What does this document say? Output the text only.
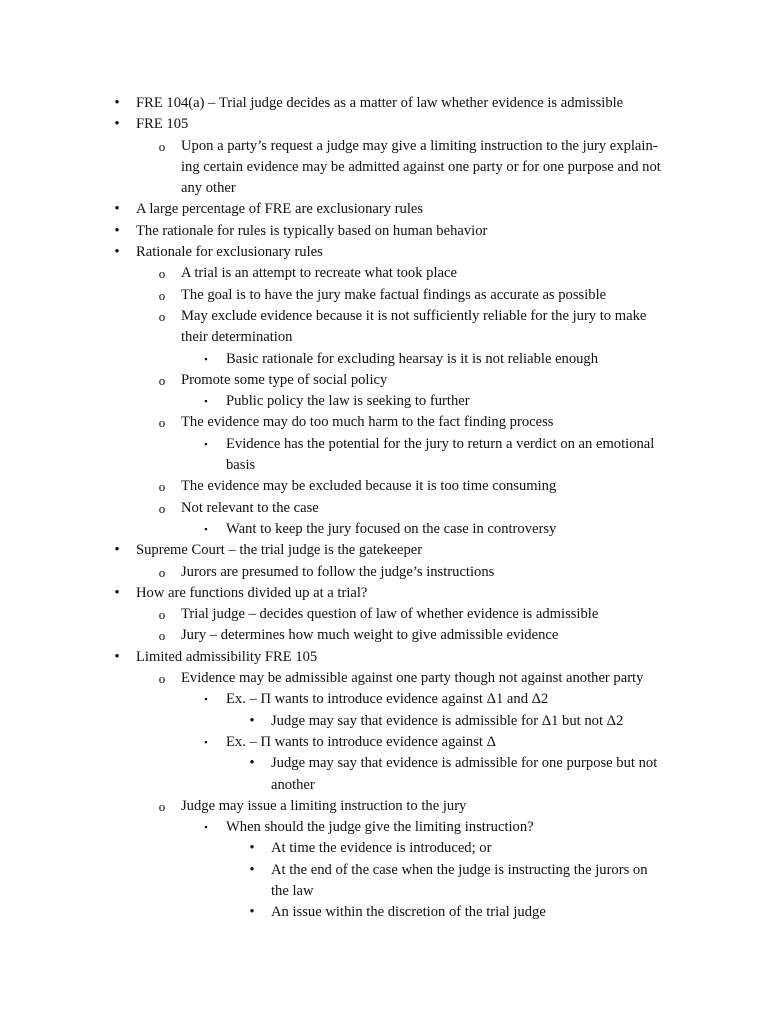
• FRE 104(a) – Trial judge decides as a matter of law whether evidence is admissible
• FRE 105
o Upon a party’s request a judge may give a limiting instruction to the jury explain-
ing certain evidence may be admitted against one party or for one purpose and not
any other
• A large percentage of FRE are exclusionary rules
• The rationale for rules is typically based on human behavior
• Rationale for exclusionary rules
o A trial is an attempt to recreate what took place
o The goal is to have the jury make factual findings as accurate as possible
o May exclude evidence because it is not sufficiently reliable for the jury to make
their determination
▪	Basic rationale for excluding hearsay is it is not reliable enough
o Promote some type of social policy
▪	Public policy the law is seeking to further
o The evidence may do too much harm to the fact finding process
▪	Evidence has the potential for the jury to return a verdict on an emotional
basis
o The evidence may be excluded because it is too time consuming
o Not relevant to the case
▪	Want to keep the jury focused on the case in controversy
• Supreme Court – the trial judge is the gatekeeper
o Jurors are presumed to follow the judge’s instructions
• How are functions divided up at a trial?
o Trial judge – decides question of law of whether evidence is admissible
o Jury – determines how much weight to give admissible evidence
• Limited admissibility FRE 105
o Evidence may be admissible against one party though not against another party
▪	Ex. – Π wants to introduce evidence against Δ1 and Δ2
• Judge may say that evidence is admissible for Δ1 but not Δ2
▪	Ex. – Π wants to introduce evidence against Δ
• Judge may say that evidence is admissible for one purpose but not
another
o Judge may issue a limiting instruction to the jury
▪	When should the judge give the limiting instruction?
• At time the evidence is introduced; or
• At the end of the case when the judge is instructing the jurors on
the law
• An issue within the discretion of the trial judge
